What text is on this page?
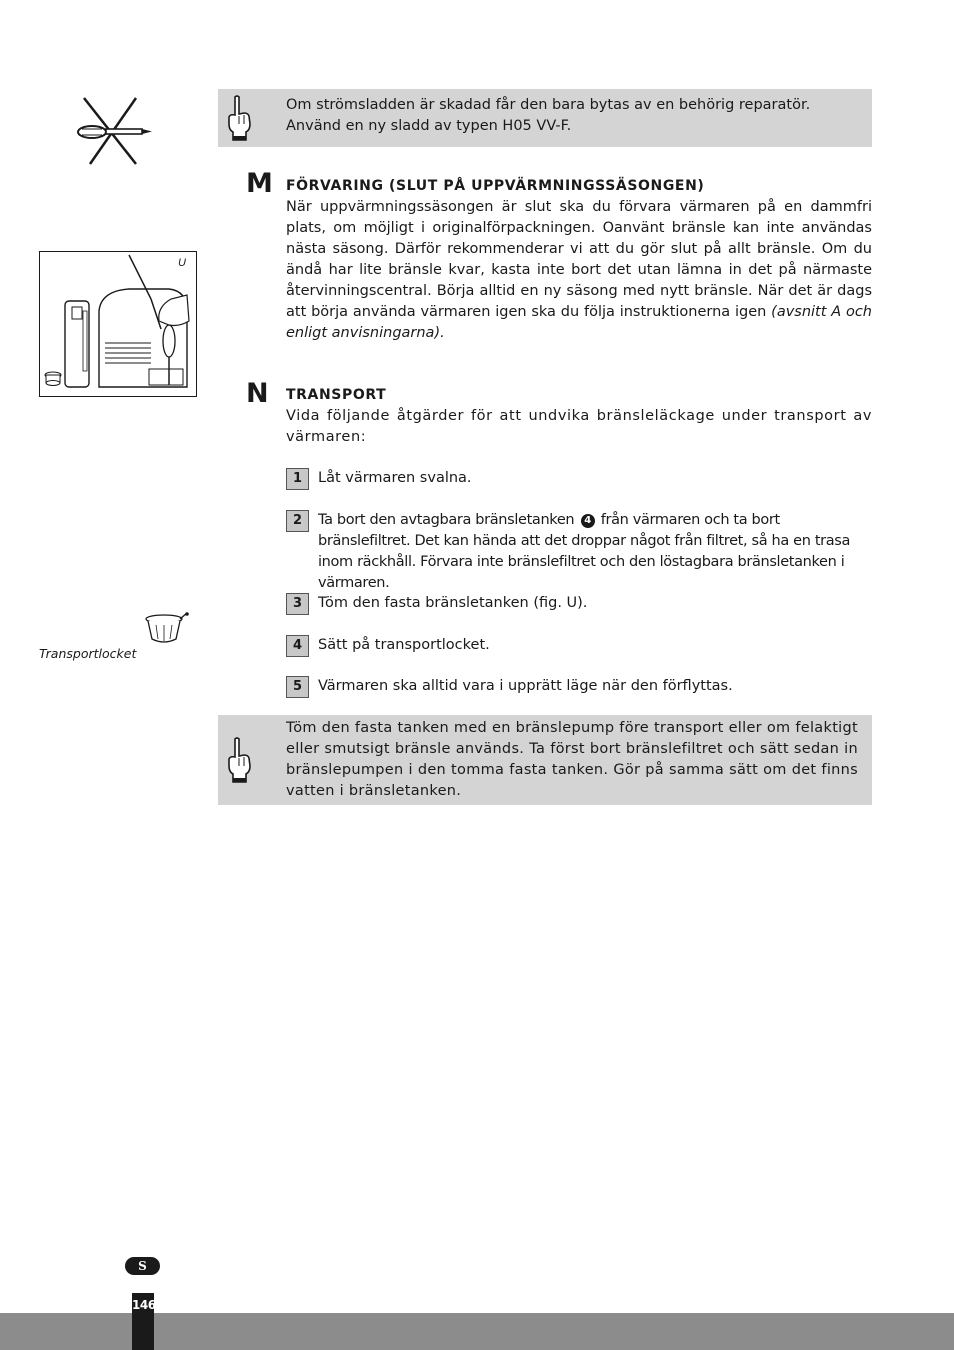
U
Transportlocket
Om strömsladden är skadad får den bara bytas av en behörig reparatör. Använd en ny sladd av typen H05 VV-F.
M FÖRVARING (SLUT PÅ UPPVÄRMNINGSSÄSONGEN)
När uppvärmningssäsongen är slut ska du förvara värmaren på en dammfri plats, om möjligt i originalförpackningen. Oanvänt bränsle kan inte användas nästa säsong. Därför rekommenderar vi att du gör slut på allt bränsle. Om du ändå har lite bränsle kvar, kasta inte bort det utan lämna in det på närmaste återvinningscentral. Börja alltid en ny säsong med nytt bränsle. När det är dags att börja använda värmaren igen ska du följa instruktionerna igen (avsnitt A och enligt anvisningarna).
N TRANSPORT
Vida följande åtgärder för att undvika bränsleläckage under transport av värmaren:
1	Låt värmaren svalna.
2	Ta bort den avtagbara bränsletanken 4 från värmaren och ta bort bränslefiltret. Det kan hända att det droppar något från filtret, så ha en trasa inom räckhåll. Förvara inte bränslefiltret och den löstagbara bränsletanken i värmaren.
3	Töm den fasta bränsletanken (fig. U).
4	Sätt på transportlocket.
5	Värmaren ska alltid vara i upprätt läge när den förflyttas.
Töm den fasta tanken med en bränslepump före transport eller om felaktigt eller smutsigt bränsle används. Ta först bort bränslefiltret och sätt sedan in bränslepumpen i den tomma fasta tanken. Gör på samma sätt om det finns vatten i bränsletanken.
S
146
